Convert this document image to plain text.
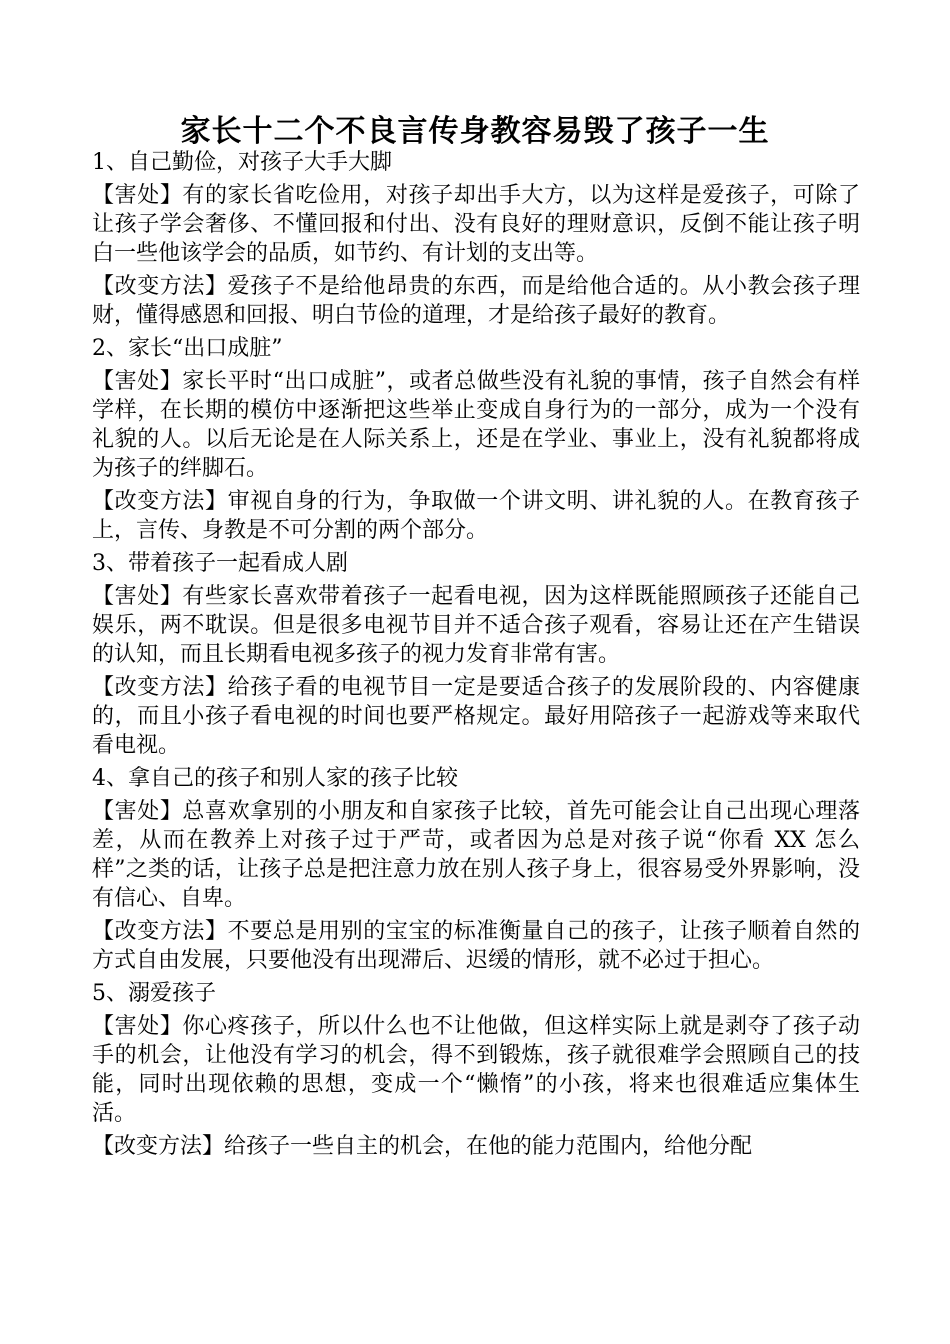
家长十二个不良言传身教容易毁了孩子一生
1、自己勤俭，对孩子大手大脚
【害处】有的家长省吃俭用，对孩子却出手大方，以为这样是爱孩子，可除了让孩子学会奢侈、不懂回报和付出、没有良好的理财意识，反倒不能让孩子明白一些他该学会的品质，如节约、有计划的支出等。
【改变方法】爱孩子不是给他昂贵的东西，而是给他合适的。从小教会孩子理财，懂得感恩和回报、明白节俭的道理，才是给孩子最好的教育。
2、家长“出口成脏”
【害处】家长平时“出口成脏”，或者总做些没有礼貌的事情，孩子自然会有样学样，在长期的模仿中逐渐把这些举止变成自身行为的一部分，成为一个没有礼貌的人。以后无论是在人际关系上，还是在学业、事业上，没有礼貌都将成为孩子的绊脚石。
【改变方法】审视自身的行为，争取做一个讲文明、讲礼貌的人。在教育孩子上，言传、身教是不可分割的两个部分。
3、带着孩子一起看成人剧
【害处】有些家长喜欢带着孩子一起看电视，因为这样既能照顾孩子还能自己娱乐，两不耽误。但是很多电视节目并不适合孩子观看，容易让还在产生错误的认知，而且长期看电视多孩子的视力发育非常有害。
【改变方法】给孩子看的电视节目一定是要适合孩子的发展阶段的、内容健康的，而且小孩子看电视的时间也要严格规定。最好用陪孩子一起游戏等来取代看电视。
4、拿自己的孩子和别人家的孩子比较
【害处】总喜欢拿别的小朋友和自家孩子比较，首先可能会让自己出现心理落差，从而在教养上对孩子过于严苛，或者因为总是对孩子说“你看 XX 怎么样”之类的话，让孩子总是把注意力放在别人孩子身上，很容易受外界影响，没有信心、自卑。
【改变方法】不要总是用别的宝宝的标准衡量自己的孩子，让孩子顺着自然的方式自由发展，只要他没有出现滞后、迟缓的情形，就不必过于担心。
5、溺爱孩子
【害处】你心疼孩子，所以什么也不让他做，但这样实际上就是剥夺了孩子动手的机会，让他没有学习的机会，得不到锻炼，孩子就很难学会照顾自己的技能，同时出现依赖的思想，变成一个“懒惰”的小孩，将来也很难适应集体生活。
【改变方法】给孩子一些自主的机会，在他的能力范围内，给他分配
